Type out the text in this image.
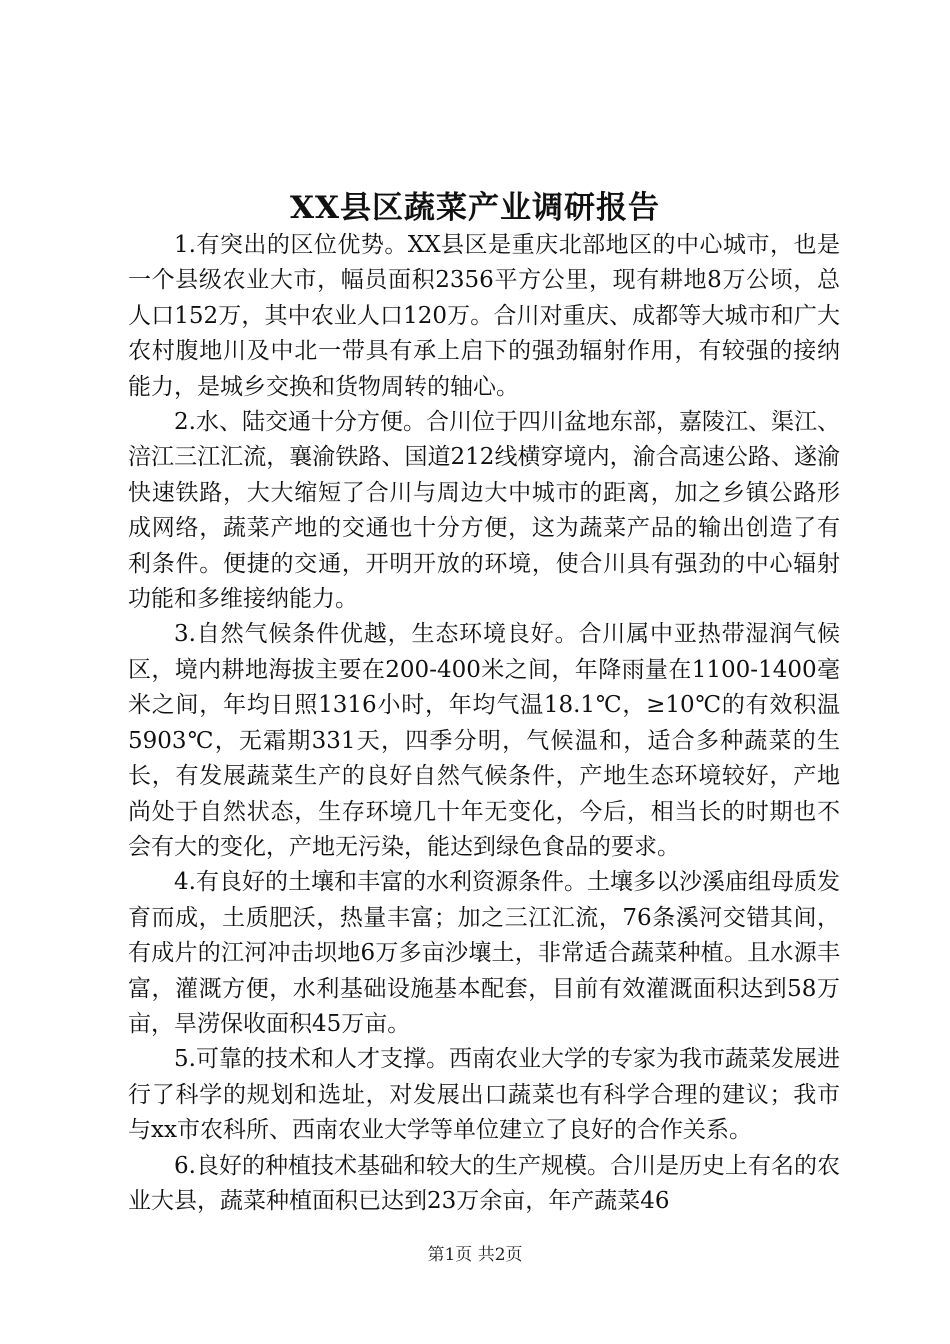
XX县区蔬菜产业调研报告

1.有突出的区位优势。XX县区是重庆北部地区的中心城市，也是一个县级农业大市，幅员面积2356平方公里，现有耕地8万公顷，总人口152万，其中农业人口120万。合川对重庆、成都等大城市和广大农村腹地川及中北一带具有承上启下的强劲辐射作用，有较强的接纳能力，是城乡交换和货物周转的轴心。

2.水、陆交通十分方便。合川位于四川盆地东部，嘉陵江、渠江、涪江三江汇流，襄渝铁路、国道212线横穿境内，渝合高速公路、遂渝快速铁路，大大缩短了合川与周边大中城市的距离，加之乡镇公路形成网络，蔬菜产地的交通也十分方便，这为蔬菜产品的输出创造了有利条件。便捷的交通，开明开放的环境，使合川具有强劲的中心辐射功能和多维接纳能力。

3.自然气候条件优越，生态环境良好。合川属中亚热带湿润气候区，境内耕地海拔主要在200-400米之间，年降雨量在1100-1400毫米之间，年均日照1316小时，年均气温18.1℃，≥10℃的有效积温5903℃，无霜期331天，四季分明，气候温和，适合多种蔬菜的生长，有发展蔬菜生产的良好自然气候条件，产地生态环境较好，产地尚处于自然状态，生存环境几十年无变化，今后，相当长的时期也不会有大的变化，产地无污染，能达到绿色食品的要求。

4.有良好的土壤和丰富的水利资源条件。土壤多以沙溪庙组母质发育而成，土质肥沃，热量丰富；加之三江汇流，76条溪河交错其间，有成片的江河冲击坝地6万多亩沙壤土，非常适合蔬菜种植。且水源丰富，灌溉方便，水利基础设施基本配套，目前有效灌溉面积达到58万亩，旱涝保收面积45万亩。

5.可靠的技术和人才支撑。西南农业大学的专家为我市蔬菜发展进行了科学的规划和选址，对发展出口蔬菜也有科学合理的建议；我市与xx市农科所、西南农业大学等单位建立了良好的合作关系。

6.良好的种植技术基础和较大的生产规模。合川是历史上有名的农业大县，蔬菜种植面积已达到23万余亩，年产蔬菜46

第1页 共2页
